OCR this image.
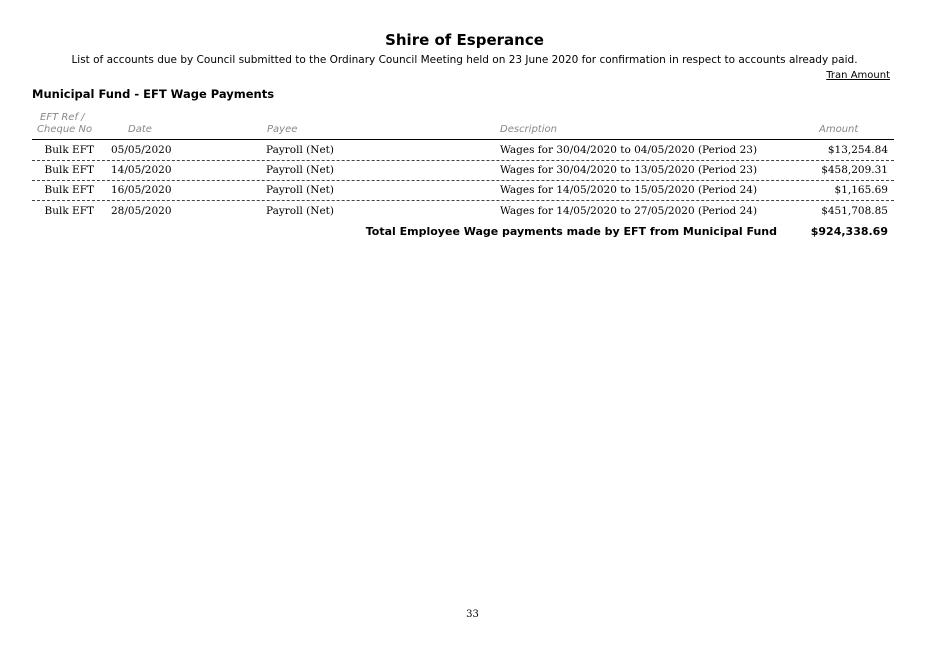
Shire of Esperance
List of accounts due by Council submitted to the Ordinary Council Meeting held on 23 June 2020 for confirmation in respect to accounts already paid.
Tran Amount
Municipal Fund - EFT Wage Payments
EFT Ref /
Cheque No	Date	Payee	Description	Amount
Bulk EFT 05/05/2020	Payroll (Net)	Wages for 30/04/2020 to 04/05/2020 (Period 23)	$13,254.84
Bulk EFT 14/05/2020	Payroll (Net)	Wages for 30/04/2020 to 13/05/2020 (Period 23)	$458,209.31
Bulk EFT 16/05/2020	Payroll (Net)	Wages for 14/05/2020 to 15/05/2020 (Period 24)	$1,165.69
Bulk EFT 28/05/2020	Payroll (Net)	Wages for 14/05/2020 to 27/05/2020 (Period 24)	$451,708.85
Total Employee Wage payments made by EFT from Municipal Fund	$924,338.69
33
